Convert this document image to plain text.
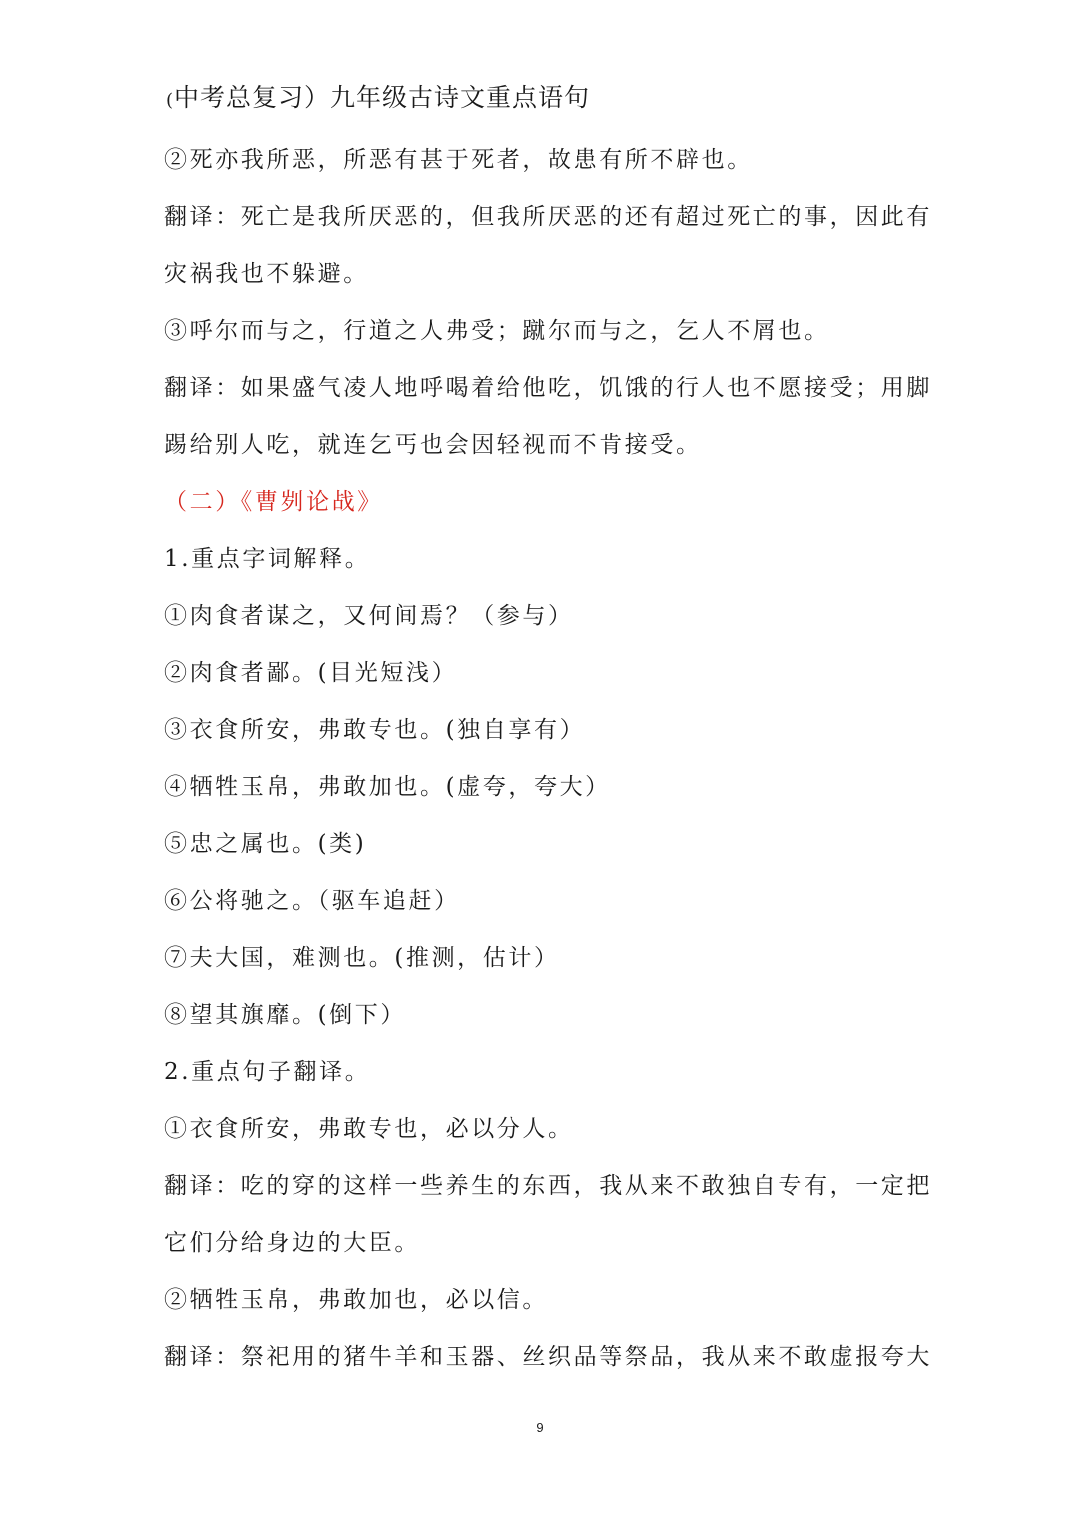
(中考总复习）九年级古诗文重点语句
②死亦我所恶，所恶有甚于死者，故患有所不辟也。
翻译：死亡是我所厌恶的，但我所厌恶的还有超过死亡的事，因此有
灾祸我也不躲避。
③呼尔而与之，行道之人弗受；蹴尔而与之，乞人不屑也。
翻译：如果盛气凌人地呼喝着给他吃，饥饿的行人也不愿接受；用脚
踢给别人吃，就连乞丐也会因轻视而不肯接受。
（二）《曹刿论战》
1.重点字词解释。
①肉食者谋之，又何间焉？（参与）
②肉食者鄙。(目光短浅）
③衣食所安，弗敢专也。(独自享有）
④牺牲玉帛，弗敢加也。(虚夸，夸大）
⑤忠之属也。(类)
⑥公将驰之。（驱车追赶）
⑦夫大国，难测也。(推测，估计）
⑧望其旗靡。(倒下）
2.重点句子翻译。
①衣食所安，弗敢专也，必以分人。
翻译：吃的穿的这样一些养生的东西，我从来不敢独自专有，一定把
它们分给身边的大臣。
②牺牲玉帛，弗敢加也，必以信。
翻译：祭祀用的猪牛羊和玉器、丝织品等祭品，我从来不敢虚报夸大
9
